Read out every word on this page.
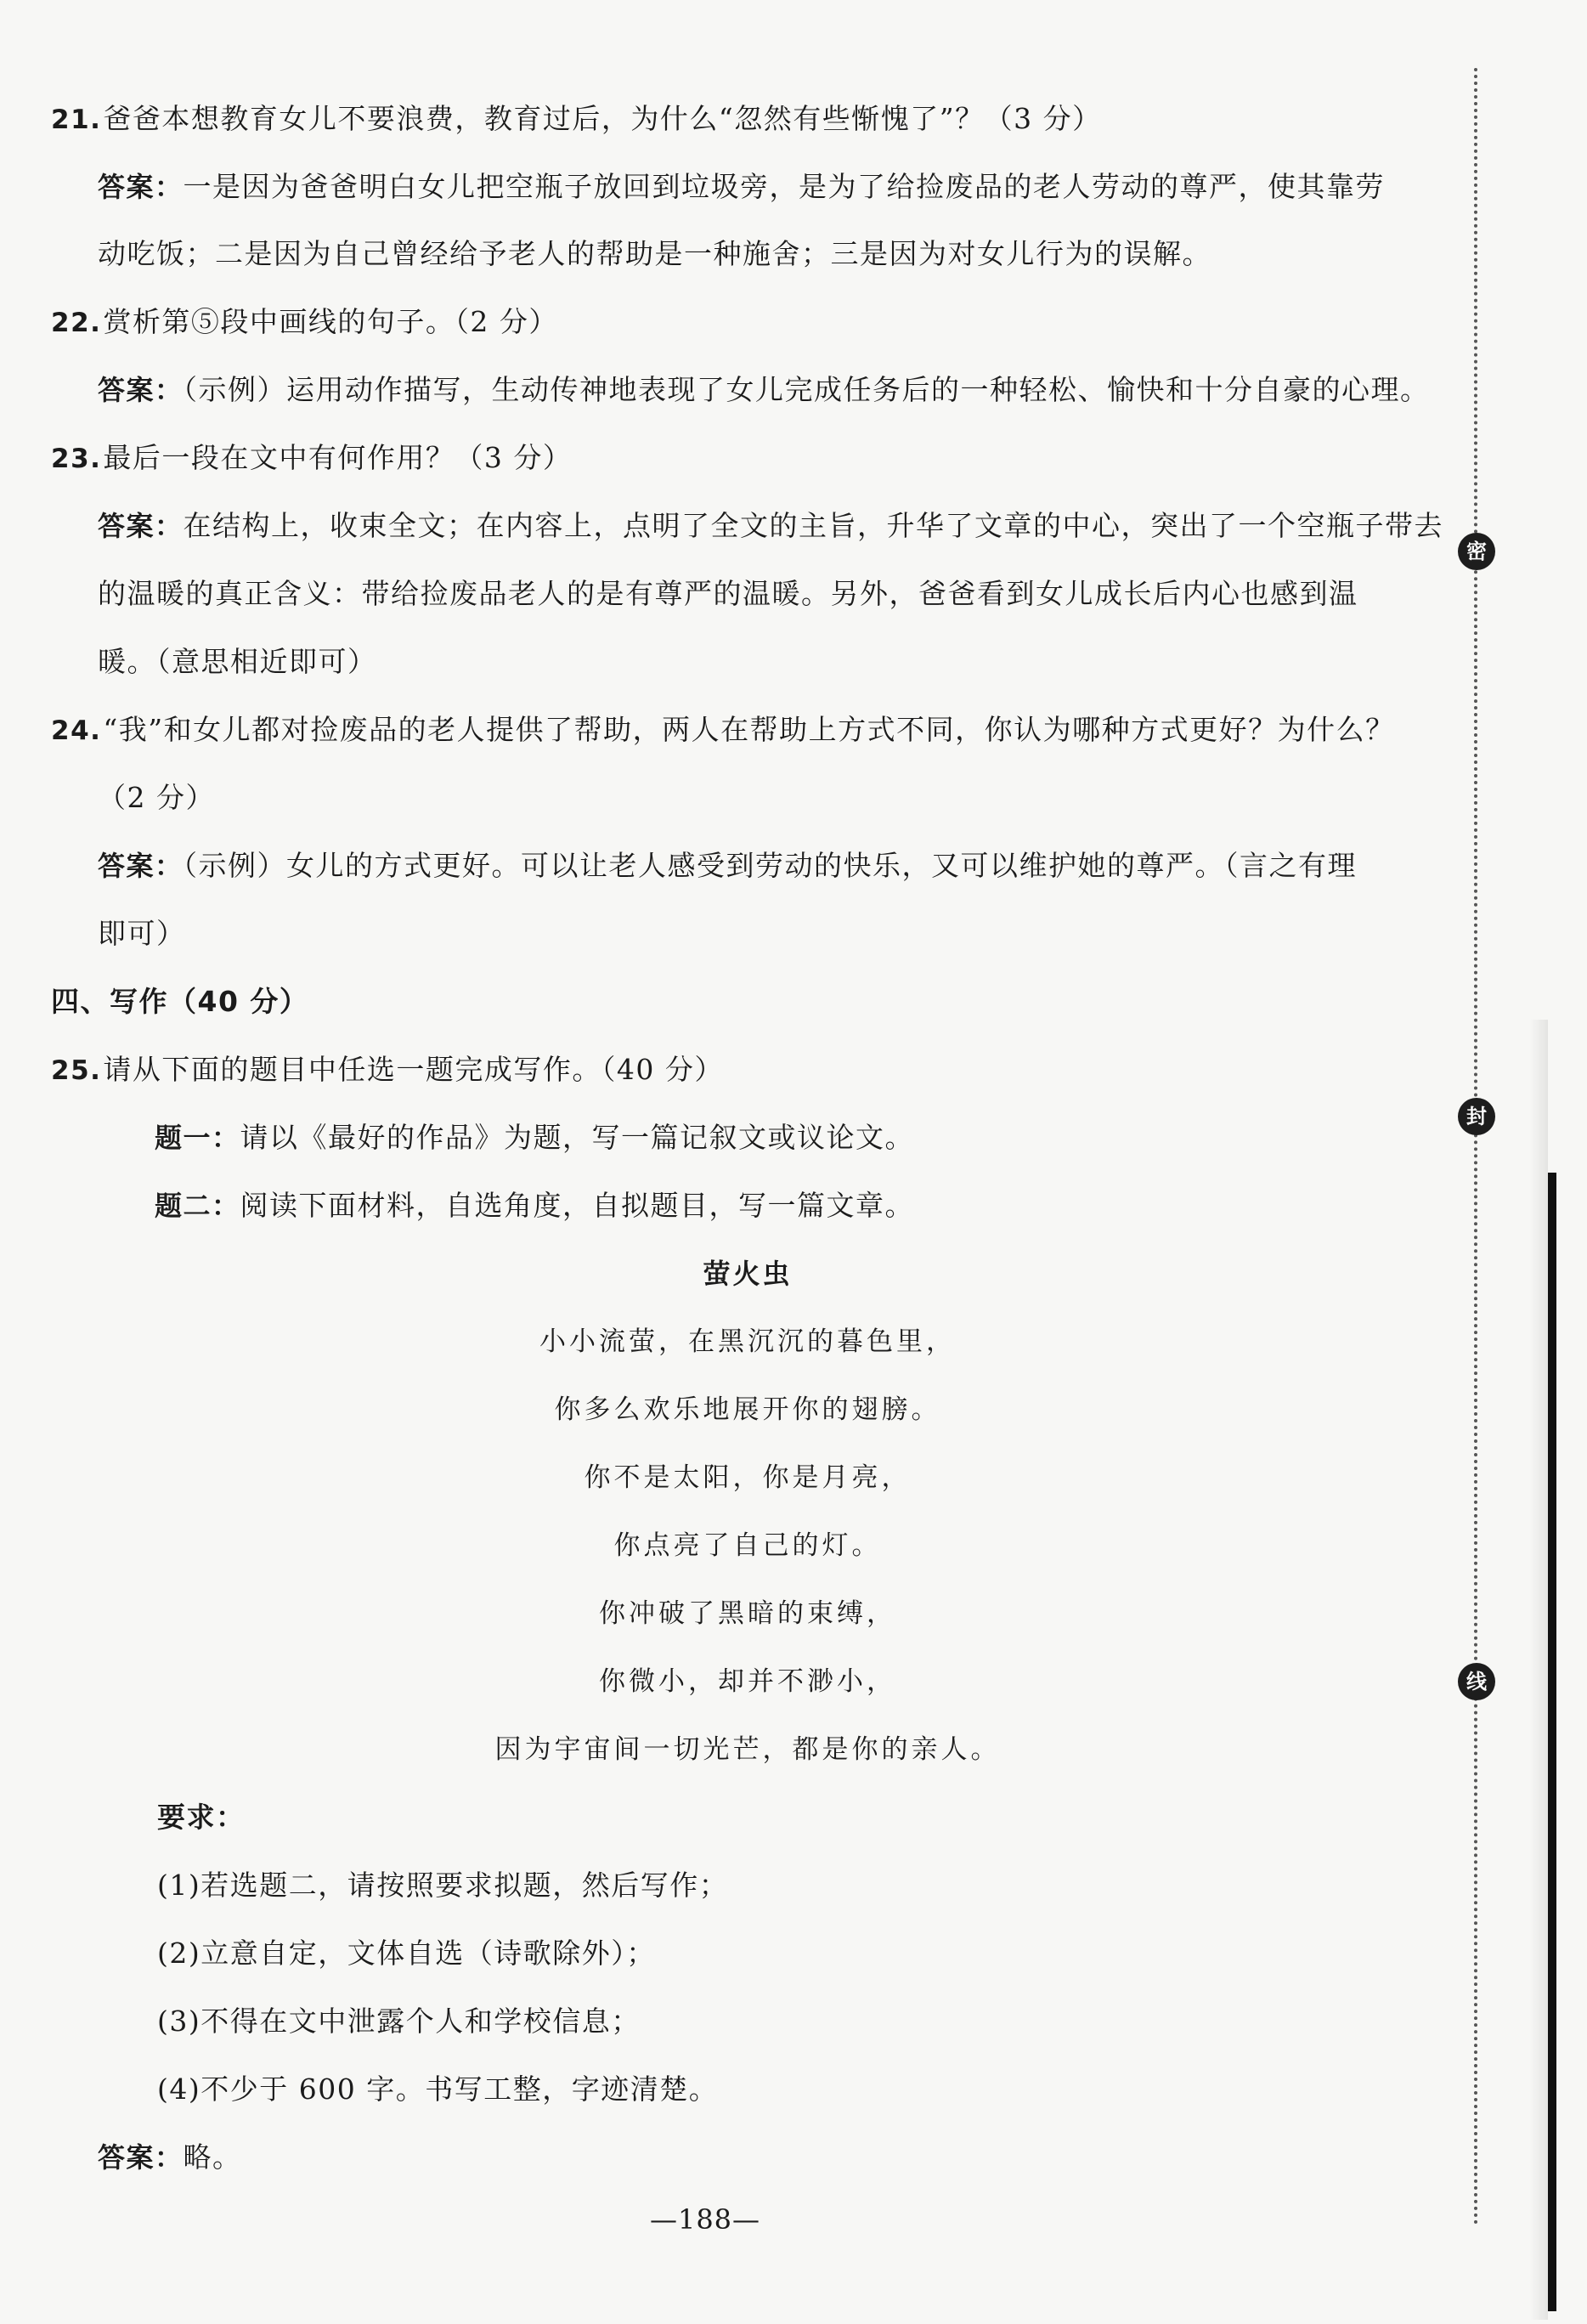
21.爸爸本想教育女儿不要浪费，教育过后，为什么“忽然有些惭愧了”？（3 分）
答案：一是因为爸爸明白女儿把空瓶子放回到垃圾旁，是为了给捡废品的老人劳动的尊严，使其靠劳
动吃饭；二是因为自己曾经给予老人的帮助是一种施舍；三是因为对女儿行为的误解。
22.赏析第⑤段中画线的句子。（2 分）
答案：（示例）运用动作描写，生动传神地表现了女儿完成任务后的一种轻松、愉快和十分自豪的心理。
23.最后一段在文中有何作用？（3 分）
答案：在结构上，收束全文；在内容上，点明了全文的主旨，升华了文章的中心，突出了一个空瓶子带去
的温暖的真正含义：带给捡废品老人的是有尊严的温暖。另外，爸爸看到女儿成长后内心也感到温
暖。（意思相近即可）
24.“我”和女儿都对捡废品的老人提供了帮助，两人在帮助上方式不同，你认为哪种方式更好？为什么？
（2 分）
答案：（示例）女儿的方式更好。可以让老人感受到劳动的快乐，又可以维护她的尊严。（言之有理
即可）
四、写作（40 分）
25.请从下面的题目中任选一题完成写作。（40 分）
题一：请以《最好的作品》为题，写一篇记叙文或议论文。
题二：阅读下面材料，自选角度，自拟题目，写一篇文章。
萤火虫
小小流萤，在黑沉沉的暮色里，
你多么欢乐地展开你的翅膀。
你不是太阳，你是月亮，
你点亮了自己的灯。
你冲破了黑暗的束缚，
你微小，却并不渺小，
因为宇宙间一切光芒，都是你的亲人。
要求：
(1)若选题二，请按照要求拟题，然后写作；
(2)立意自定，文体自选（诗歌除外）；
(3)不得在文中泄露个人和学校信息；
(4)不少于 600 字。书写工整，字迹清楚。
答案：略。
—188—
密
封
线
